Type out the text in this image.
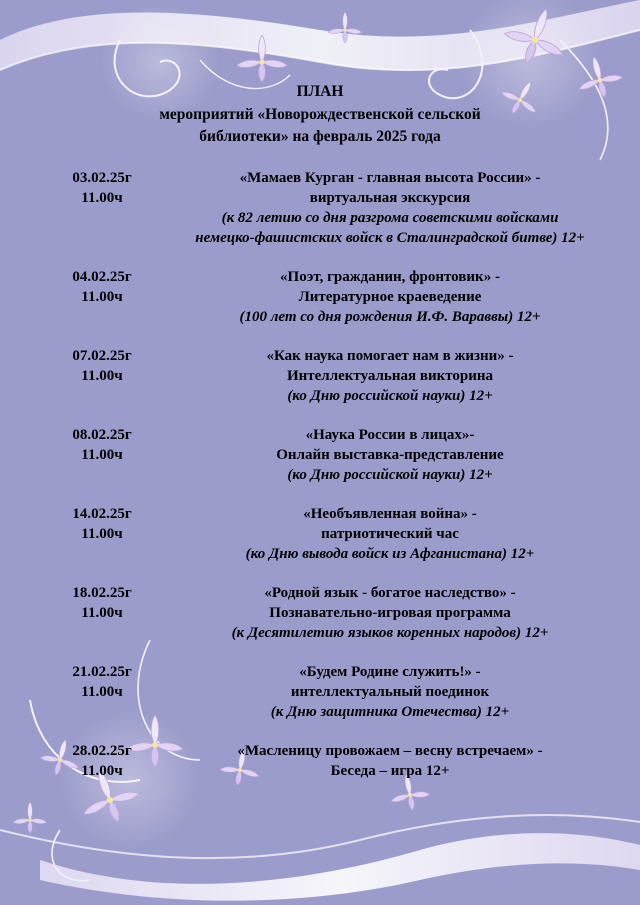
ПЛАН
мероприятий «Новорождественской сельской
библиотеки» на февраль 2025 года
03.02.25г
11.00ч
«Мамаев Курган - главная высота России» -
виртуальная экскурсия
(к 82 летию со дня разгрома советскими войсками
немецко-фашистских войск в Сталинградской битве) 12+
04.02.25г
11.00ч
«Поэт, гражданин, фронтовик» -
Литературное краеведение
(100 лет со дня рождения И.Ф. Вараввы) 12+
07.02.25г
11.00ч
«Как наука помогает нам в жизни» -
Интеллектуальная викторина
(ко Дню российской науки) 12+
08.02.25г
11.00ч
«Наука России в лицах»-
Онлайн выставка-представление
(ко Дню российской науки) 12+
14.02.25г
11.00ч
«Необъявленная война» -
патриотический час
(ко Дню вывода войск из Афганистана) 12+
18.02.25г
11.00ч
«Родной язык - богатое наследство» -
Познавательно-игровая программа
(к Десятилетию языков коренных народов) 12+
21.02.25г
11.00ч
«Будем Родине служить!» -
интеллектуальный поединок
(к Дню защитника Отечества) 12+
28.02.25г
11.00ч
«Масленицу провожаем – весну встречаем» -
Беседа – игра 12+
